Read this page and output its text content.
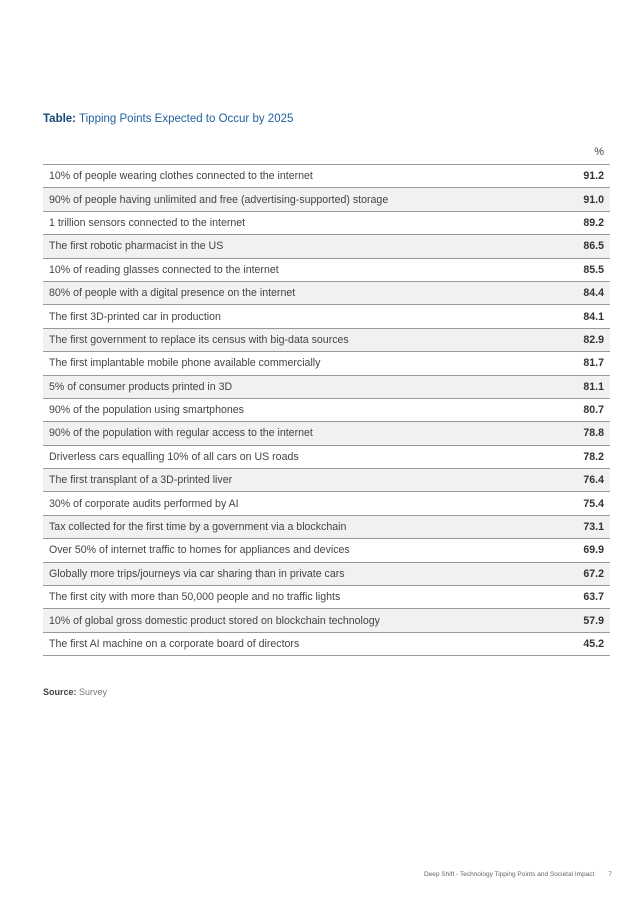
Table: Tipping Points Expected to Occur by 2025
%
10% of people wearing clothes connected to the internet	91.2
90% of people having unlimited and free (advertising-supported) storage	91.0
1 trillion sensors connected to the internet	89.2
The first robotic pharmacist in the US	86.5
10% of reading glasses connected to the internet	85.5
80% of people with a digital presence on the internet	84.4
The first 3D-printed car in production	84.1
The first government to replace its census with big-data sources	82.9
The first implantable mobile phone available commercially	81.7
5% of consumer products printed in 3D	81.1
90% of the population using smartphones	80.7
90% of the population with regular access to the internet	78.8
Driverless cars equalling 10% of all cars on US roads	78.2
The first transplant of a 3D-printed liver	76.4
30% of corporate audits performed by AI	75.4
Tax collected for the first time by a government via a blockchain	73.1
Over 50% of internet traffic to homes for appliances and devices	69.9
Globally more trips/journeys via car sharing than in private cars	67.2
The first city with more than 50,000 people and no traffic lights	63.7
10% of global gross domestic product stored on blockchain technology	57.9
The first AI machine on a corporate board of directors	45.2
Source: Survey
Deep Shift - Technology Tipping Points and Societal Impact 7
